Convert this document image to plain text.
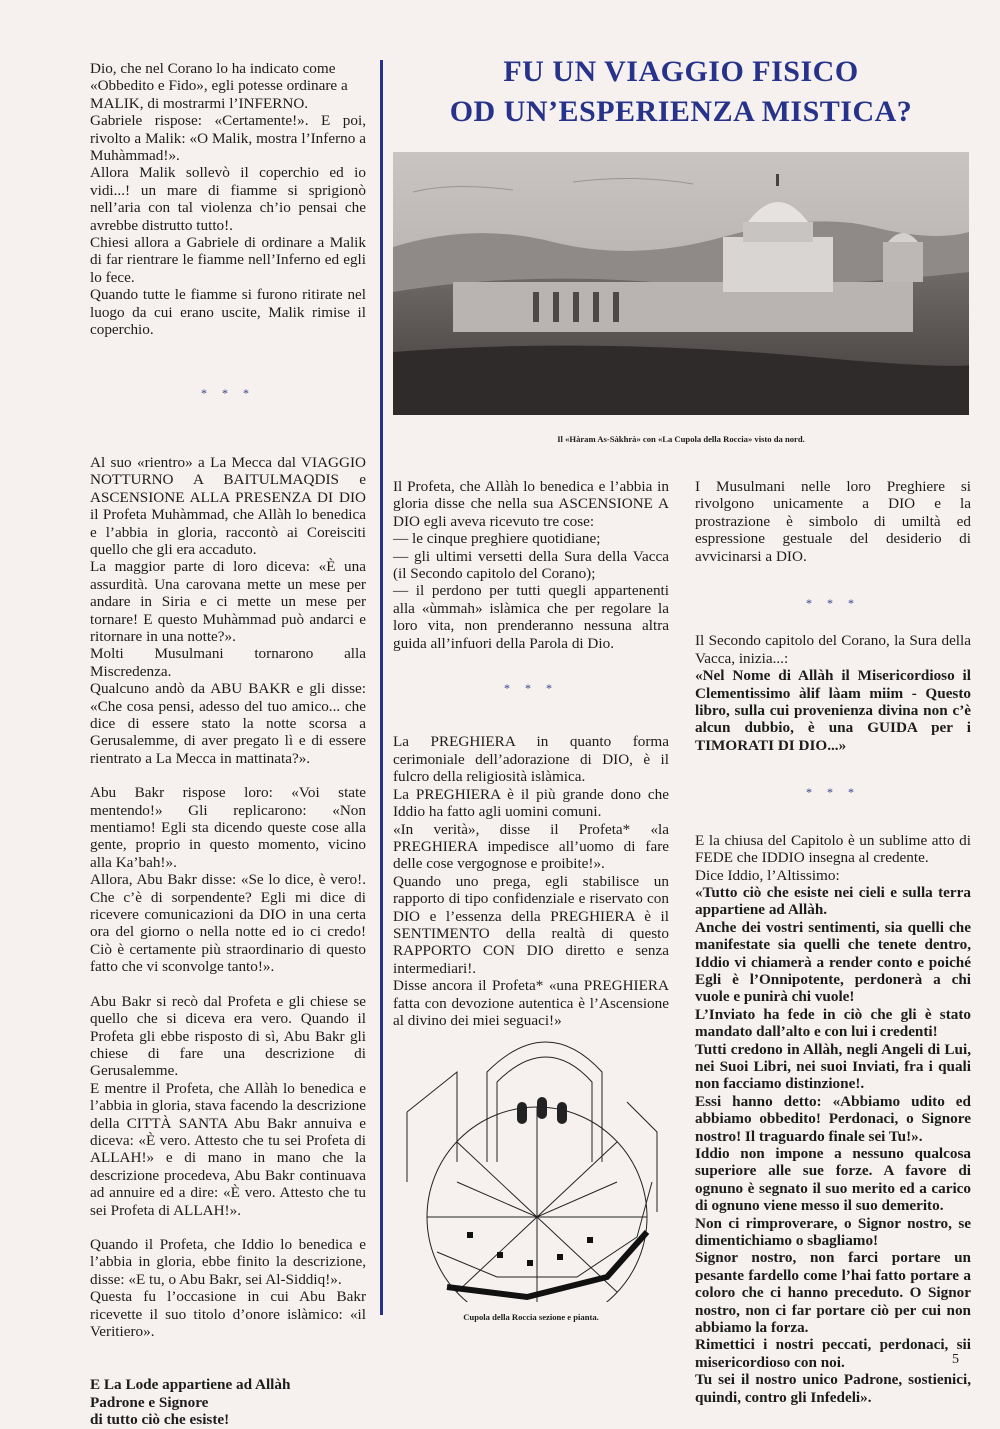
Dio, che nel Corano lo ha indicato come «Obbedito e Fido», egli potesse ordinare a MALIK, di mostrarmi l’INFERNO.

Gabriele rispose: «Certamente!». E poi, rivolto a Malik: «O Malik, mostra l’Inferno a Muhàmmad!».

Allora Malik sollevò il coperchio ed io vidi...! un mare di fiamme si sprigionò nell’aria con tal violenza ch’io pensai che avrebbe distrutto tutto!.

Chiesi allora a Gabriele di ordinare a Malik di far rientrare le fiamme nell’Inferno ed egli lo fece.

Quando tutte le fiamme si furono ritirate nel luogo da cui erano uscite, Malik rimise il coperchio.

* * *

Al suo «rientro» a La Mecca dal VIAGGIO NOTTURNO A BAITULMAQDIS e ASCENSIONE ALLA PRESENZA DI DIO il Profeta Muhàmmad, che Allàh lo benedica e l’abbia in gloria, raccontò ai Coreisciti quello che gli era accaduto.

La maggior parte di loro diceva: «È una assurdità. Una carovana mette un mese per andare in Siria e ci mette un mese per tornare! E questo Muhàmmad può andarci e ritornare in una notte?».

Molti Musulmani tornarono alla Miscredenza.

Qualcuno andò da ABU BAKR e gli disse: «Che cosa pensi, adesso del tuo amico... che dice di essere stato la notte scorsa a Gerusalemme, di aver pregato lì e di essere rientrato a La Mecca in mattinata?».

Abu Bakr rispose loro: «Voi state mentendo!» Gli replicarono: «Non mentiamo! Egli sta dicendo queste cose alla gente, proprio in questo momento, vicino alla Ka’bah!».

Allora, Abu Bakr disse: «Se lo dice, è vero!. Che c’è di sorpendente? Egli mi dice di ricevere comunicazioni da DIO in una certa ora del giorno o nella notte ed io ci credo! Ciò è certamente più straordinario di questo fatto che vi sconvolge tanto!».

Abu Bakr si recò dal Profeta e gli chiese se quello che si diceva era vero. Quando il Profeta gli ebbe risposto di sì, Abu Bakr gli chiese di fare una descrizione di Gerusalemme.

E mentre il Profeta, che Allàh lo benedica e l’abbia in gloria, stava facendo la descrizione della CITTÀ SANTA Abu Bakr annuiva e diceva: «È vero. Attesto che tu sei Profeta di ALLAH!» e di mano in mano che la descrizione procedeva, Abu Bakr continuava ad annuire ed a dire: «È vero. Attesto che tu sei Profeta di ALLAH!».

Quando il Profeta, che Iddio lo benedica e l’abbia in gloria, ebbe finito la descrizione, disse: «E tu, o Abu Bakr, sei Al-Siddiq!».

Questa fu l’occasione in cui Abu Bakr ricevette il suo titolo d’onore islàmico: «il Veritiero».

E La Lode appartiene ad Allàh

Padrone e Signore

di tutto ciò che esiste!

FU UN VIAGGIO FISICO
OD UN’ESPERIENZA MISTICA?
Il «Hàram As-Sàkhrà» con «La Cupola della Roccia» visto da nord.

Il Profeta, che Allàh lo benedica e l’abbia in gloria disse che nella sua ASCENSIONE A DIO egli aveva ricevuto tre cose:

— le cinque preghiere quotidiane;

— gli ultimi versetti della Sura della Vacca (il Secondo capitolo del Corano);

— il perdono per tutti quegli appartenenti alla «ùmmah» islàmica che per regolare la loro vita, non prenderanno nessuna altra guida all’infuori della Parola di Dio.

* * *

La PREGHIERA in quanto forma cerimoniale dell’adorazione di DIO, è il fulcro della religiosità islàmica.

La PREGHIERA è il più grande dono che Iddio ha fatto agli uomini comuni.

«In verità», disse il Profeta* «la PREGHIERA impedisce all’uomo di fare delle cose vergognose e proibite!».

Quando uno prega, egli stabilisce un rapporto di tipo confidenziale e riservato con DIO e l’essenza della PREGHIERA è il SENTIMENTO della realtà di questo RAPPORTO CON DIO diretto e senza intermediari!.

Disse ancora il Profeta* «una PREGHIERA fatta con devozione autentica è l’Ascensione al divino dei miei seguaci!»

Cupola della Roccia sezione e pianta.

I Musulmani nelle loro Preghiere si rivolgono unicamente a DIO e la prostrazione è simbolo di umiltà ed espressione gestuale del desiderio di avvicinarsi a DIO.

* * *

Il Secondo capitolo del Corano, la Sura della Vacca, inizia...:

«Nel Nome di Allàh il Misericordioso il Clementissimo àlif làam miim - Questo libro, sulla cui provenienza divina non c’è alcun dubbio, è una GUIDA per i TIMORATI DI DIO...»

* * *

E la chiusa del Capitolo è un sublime atto di FEDE che IDDIO insegna al credente.

Dice Iddio, l’Altissimo:

«Tutto ciò che esiste nei cieli e sulla terra appartiene ad Allàh.

Anche dei vostri sentimenti, sia quelli che manifestate sia quelli che tenete dentro, Iddio vi chiamerà a render conto e poiché Egli è l’Onnipotente, perdonerà a chi vuole e punirà chi vuole!

L’Inviato ha fede in ciò che gli è stato mandato dall’alto e con lui i credenti!

Tutti credono in Allàh, negli Angeli di Lui, nei Suoi Libri, nei suoi Inviati, fra i quali non facciamo distinzione!.

Essi hanno detto: «Abbiamo udito ed abbiamo obbedito! Perdonaci, o Signore nostro! Il traguardo finale sei Tu!».

Iddio non impone a nessuno qualcosa superiore alle sue forze. A favore di ognuno è segnato il suo merito ed a carico di ognuno viene messo il suo demerito.

Non ci rimproverare, o Signor nostro, se dimentichiamo o sbagliamo!

Signor nostro, non farci portare un pesante fardello come l’hai fatto portare a coloro che ci hanno preceduto. O Signor nostro, non ci far portare ciò per cui non abbiamo la forza.

Rimettici i nostri peccati, perdonaci, sii misericordioso con noi.

Tu sei il nostro unico Padrone, sostienici, quindi, contro gli Infedeli».

5
